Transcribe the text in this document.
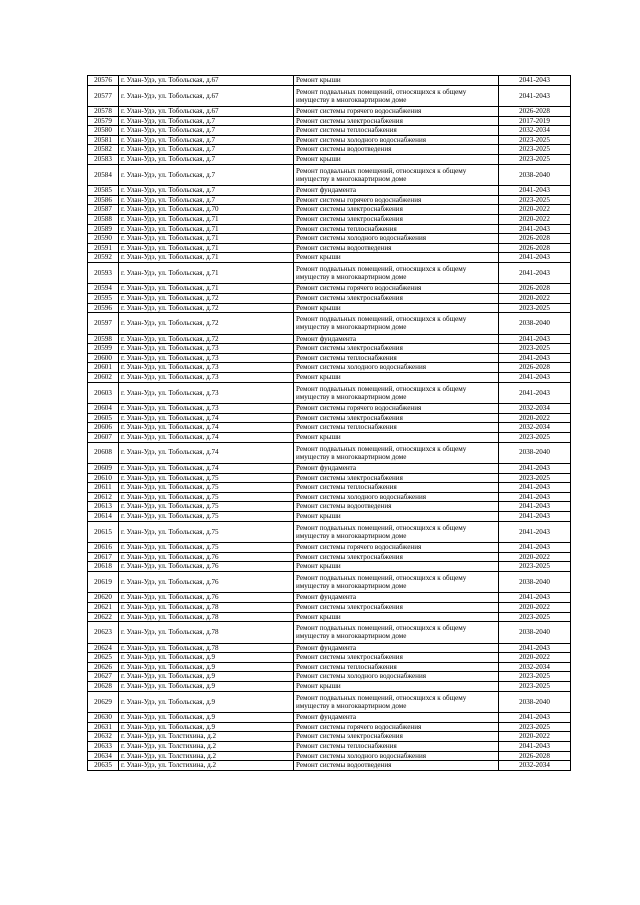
20576	г. Улан-Удэ, ул. Тобольская, д.67	Ремонт крыши	2041-2043
20577	г. Улан-Удэ, ул. Тобольская, д.67	Ремонт подвальных помещений, относящихся к общему имуществу в многоквартирном доме	2041-2043
20578	г. Улан-Удэ, ул. Тобольская, д.67	Ремонт системы горячего водоснабжения	2026-2028
20579	г. Улан-Удэ, ул. Тобольская, д.7	Ремонт системы электроснабжения	2017-2019
20580	г. Улан-Удэ, ул. Тобольская, д.7	Ремонт системы теплоснабжения	2032-2034
20581	г. Улан-Удэ, ул. Тобольская, д.7	Ремонт системы холодного водоснабжения	2023-2025
20582	г. Улан-Удэ, ул. Тобольская, д.7	Ремонт системы водоотведения	2023-2025
20583	г. Улан-Удэ, ул. Тобольская, д.7	Ремонт крыши	2023-2025
20584	г. Улан-Удэ, ул. Тобольская, д.7	Ремонт подвальных помещений, относящихся к общему имуществу в многоквартирном доме	2038-2040
20585	г. Улан-Удэ, ул. Тобольская, д.7	Ремонт фундамента	2041-2043
20586	г. Улан-Удэ, ул. Тобольская, д.7	Ремонт системы горячего водоснабжения	2023-2025
20587	г. Улан-Удэ, ул. Тобольская, д.70	Ремонт системы электроснабжения	2020-2022
20588	г. Улан-Удэ, ул. Тобольская, д.71	Ремонт системы электроснабжения	2020-2022
20589	г. Улан-Удэ, ул. Тобольская, д.71	Ремонт системы теплоснабжения	2041-2043
20590	г. Улан-Удэ, ул. Тобольская, д.71	Ремонт системы холодного водоснабжения	2026-2028
20591	г. Улан-Удэ, ул. Тобольская, д.71	Ремонт системы водоотведения	2026-2028
20592	г. Улан-Удэ, ул. Тобольская, д.71	Ремонт крыши	2041-2043
20593	г. Улан-Удэ, ул. Тобольская, д.71	Ремонт подвальных помещений, относящихся к общему имуществу в многоквартирном доме	2041-2043
20594	г. Улан-Удэ, ул. Тобольская, д.71	Ремонт системы горячего водоснабжения	2026-2028
20595	г. Улан-Удэ, ул. Тобольская, д.72	Ремонт системы электроснабжения	2020-2022
20596	г. Улан-Удэ, ул. Тобольская, д.72	Ремонт крыши	2023-2025
20597	г. Улан-Удэ, ул. Тобольская, д.72	Ремонт подвальных помещений, относящихся к общему имуществу в многоквартирном доме	2038-2040
20598	г. Улан-Удэ, ул. Тобольская, д.72	Ремонт фундамента	2041-2043
20599	г. Улан-Удэ, ул. Тобольская, д.73	Ремонт системы электроснабжения	2023-2025
20600	г. Улан-Удэ, ул. Тобольская, д.73	Ремонт системы теплоснабжения	2041-2043
20601	г. Улан-Удэ, ул. Тобольская, д.73	Ремонт системы холодного водоснабжения	2026-2028
20602	г. Улан-Удэ, ул. Тобольская, д.73	Ремонт крыши	2041-2043
20603	г. Улан-Удэ, ул. Тобольская, д.73	Ремонт подвальных помещений, относящихся к общему имуществу в многоквартирном доме	2041-2043
20604	г. Улан-Удэ, ул. Тобольская, д.73	Ремонт системы горячего водоснабжения	2032-2034
20605	г. Улан-Удэ, ул. Тобольская, д.74	Ремонт системы электроснабжения	2020-2022
20606	г. Улан-Удэ, ул. Тобольская, д.74	Ремонт системы теплоснабжения	2032-2034
20607	г. Улан-Удэ, ул. Тобольская, д.74	Ремонт крыши	2023-2025
20608	г. Улан-Удэ, ул. Тобольская, д.74	Ремонт подвальных помещений, относящихся к общему имуществу в многоквартирном доме	2038-2040
20609	г. Улан-Удэ, ул. Тобольская, д.74	Ремонт фундамента	2041-2043
20610	г. Улан-Удэ, ул. Тобольская, д.75	Ремонт системы электроснабжения	2023-2025
20611	г. Улан-Удэ, ул. Тобольская, д.75	Ремонт системы теплоснабжения	2041-2043
20612	г. Улан-Удэ, ул. Тобольская, д.75	Ремонт системы холодного водоснабжения	2041-2043
20613	г. Улан-Удэ, ул. Тобольская, д.75	Ремонт системы водоотведения	2041-2043
20614	г. Улан-Удэ, ул. Тобольская, д.75	Ремонт крыши	2041-2043
20615	г. Улан-Удэ, ул. Тобольская, д.75	Ремонт подвальных помещений, относящихся к общему имуществу в многоквартирном доме	2041-2043
20616	г. Улан-Удэ, ул. Тобольская, д.75	Ремонт системы горячего водоснабжения	2041-2043
20617	г. Улан-Удэ, ул. Тобольская, д.76	Ремонт системы электроснабжения	2020-2022
20618	г. Улан-Удэ, ул. Тобольская, д.76	Ремонт крыши	2023-2025
20619	г. Улан-Удэ, ул. Тобольская, д.76	Ремонт подвальных помещений, относящихся к общему имуществу в многоквартирном доме	2038-2040
20620	г. Улан-Удэ, ул. Тобольская, д.76	Ремонт фундамента	2041-2043
20621	г. Улан-Удэ, ул. Тобольская, д.78	Ремонт системы электроснабжения	2020-2022
20622	г. Улан-Удэ, ул. Тобольская, д.78	Ремонт крыши	2023-2025
20623	г. Улан-Удэ, ул. Тобольская, д.78	Ремонт подвальных помещений, относящихся к общему имуществу в многоквартирном доме	2038-2040
20624	г. Улан-Удэ, ул. Тобольская, д.78	Ремонт фундамента	2041-2043
20625	г. Улан-Удэ, ул. Тобольская, д.9	Ремонт системы электроснабжения	2020-2022
20626	г. Улан-Удэ, ул. Тобольская, д.9	Ремонт системы теплоснабжения	2032-2034
20627	г. Улан-Удэ, ул. Тобольская, д.9	Ремонт системы холодного водоснабжения	2023-2025
20628	г. Улан-Удэ, ул. Тобольская, д.9	Ремонт крыши	2023-2025
20629	г. Улан-Удэ, ул. Тобольская, д.9	Ремонт подвальных помещений, относящихся к общему имуществу в многоквартирном доме	2038-2040
20630	г. Улан-Удэ, ул. Тобольская, д.9	Ремонт фундамента	2041-2043
20631	г. Улан-Удэ, ул. Тобольская, д.9	Ремонт системы горячего водоснабжения	2023-2025
20632	г. Улан-Удэ, ул. Толстихина, д.2	Ремонт системы электроснабжения	2020-2022
20633	г. Улан-Удэ, ул. Толстихина, д.2	Ремонт системы теплоснабжения	2041-2043
20634	г. Улан-Удэ, ул. Толстихина, д.2	Ремонт системы холодного водоснабжения	2026-2028
20635	г. Улан-Удэ, ул. Толстихина, д.2	Ремонт системы водоотведения	2032-2034
